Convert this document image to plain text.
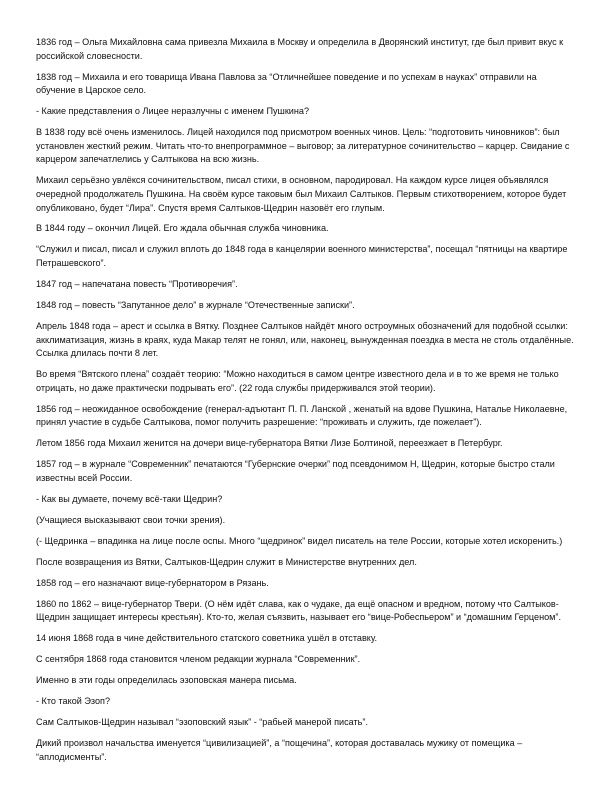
1836 год – Ольга Михайловна сама привезла Михаила в Москву и определила в Дворянский институт, где был привит вкус к российской словесности.

1838 год – Михаила и его товарища Ивана Павлова за “Отличнейшее поведение и по успехам в науках” отправили на обучение в Царское село.

- Какие представления о Лицее неразлучны с именем Пушкина?

В 1838 году всё очень изменилось. Лицей находился под присмотром военных чинов. Цель: “подготовить чиновников”: был установлен жесткий режим. Читать что-то внепрограммное – выговор; за литературное сочинительство – карцер. Свидание с карцером запечатлелись у Салтыкова на всю жизнь.

Михаил серьёзно увлёкся сочинительством, писал стихи, в основном, пародировал. На каждом курсе лицея объявлялся очередной продолжатель Пушкина. На своём курсе таковым был Михаил Салтыков. Первым стихотворением, которое будет опубликовано, будет “Лира”. Спустя время Салтыков-Щедрин назовёт его глупым.

В 1844 году – окончил Лицей. Его ждала обычная служба чиновника.

“Служил и писал, писал и служил вплоть до 1848 года в канцелярии военного министерства”, посещал “пятницы на квартире Петрашевского”.

1847 год – напечатана повесть “Противоречия”.

1848 год – повесть “Запутанное дело” в журнале “Отечественные записки”.

Апрель 1848 года – арест и ссылка в Вятку. Позднее Салтыков найдёт много остроумных обозначений для подобной ссылки: акклиматизация, жизнь в краях, куда Макар телят не гонял, или, наконец, вынужденная поездка в места не столь отдалённые. Ссылка длилась почти 8 лет.

Во время “Вятского плена” создаёт теорию: “Можно находиться в самом центре известного дела и в то же время не только отрицать, но даже практически подрывать его”. (22 года службы придерживался этой теории).

1856 год – неожиданное освобождение (генерал-адъютант П. П. Ланской , женатый на вдове Пушкина, Наталье Николаевне, принял участие в судьбе Салтыкова, помог получить разрешение: “проживать и служить, где пожелает”).

Летом 1856 года Михаил женится на дочери вице-губернатора Вятки Лизе Болтиной, переезжает в Петербург.

1857 год – в журнале “Современник” печатаются “Губернские очерки” под псевдонимом Н, Щедрин, которые быстро стали известны всей России.

- Как вы думаете, почему всё-таки Щедрин?

(Учащиеся высказывают свои точки зрения).

(- Щедринка – впадинка на лице после оспы. Много “щедринок” видел писатель на теле России, которые хотел искоренить.)

После возвращения из Вятки, Салтыков-Щедрин служит в Министерстве внутренних дел.

1858 год – его назначают вице-губернатором в Рязань.

1860 по 1862 – вице-губернатор Твери. (О нём идёт слава, как о чудаке, да ещё опасном и вредном, потому что Салтыков-Щедрин защищает интересы крестьян). Кто-то, желая съязвить, называет его “вице-Робеспьером” и “домашним Герценом”.

14 июня 1868 года в чине действительного статского советника ушёл в отставку.

С сентября 1868 года становится членом редакции журнала “Современник”.

Именно в эти годы определилась эзоповская манера письма.

- Кто такой Эзоп?

Сам Салтыков-Щедрин называл “эзоповский язык” - “рабьей манерой писать”.

Дикий произвол начальства именуется “цивилизацией”, а “пощечина”, которая доставалась мужику от помещика – “аплодисменты”.
